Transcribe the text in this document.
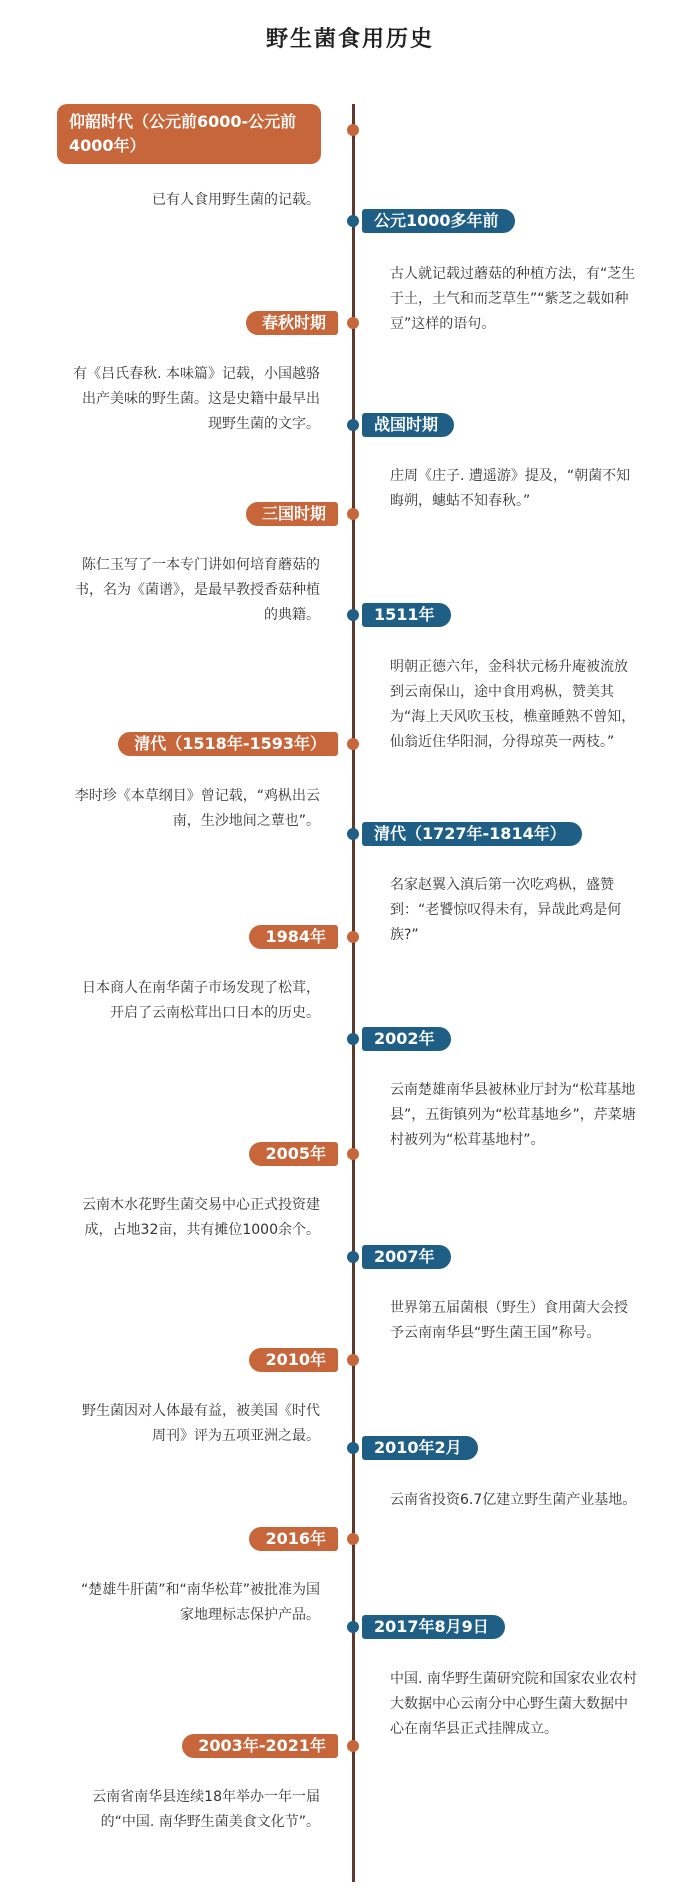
野生菌食用历史
仰韶时代（公元前6000-公元前4000年）

已有人食用野生菌的记载。

公元1000多年前

古人就记载过蘑菇的种植方法，有“芝生于土，土气和而芝草生”“紫芝之载如种豆”这样的语句。

春秋时期

有《吕氏春秋. 本味篇》记载，小国越骆出产美味的野生菌。这是史籍中最早出现野生菌的文字。	战国时期

庄周《庄子. 遭遥游》提及，“朝菌不知晦朔，蟪蛄不知春秋。”

三国时期

陈仁玉写了一本专门讲如何培育蘑菇的书，名为《菌谱》，是最早教授香菇种植的典籍。	1511年

明朝正德六年，金科状元杨升庵被流放到云南保山，途中食用鸡枞，赞美其为“海上天风吹玉枝，樵童睡熟不曾知，仙翁近住华阳洞，分得琼英一两枝。”

清代（1518年-1593年）

李时珍《本草纲目》曾记载，“鸡枞出云南，生沙地间之蕈也”。

清代（1727年-1814年）

名家赵翼入滇后第一次吃鸡枞，盛赞到：“老饕惊叹得未有，异哉此鸡是何族?”

1984年

日本商人在南华菌子市场发现了松茸，开启了云南松茸出口日本的历史。

2002年

云南楚雄南华县被林业厅封为“松茸基地县”，五街镇列为“松茸基地乡”，芹菜塘村被列为“松茸基地村”。

2005年

云南木水花野生菌交易中心正式投资建成，占地32亩，共有摊位1000余个。

2007年

世界第五届菌根（野生）食用菌大会授予云南南华县“野生菌王国”称号。

2010年

野生菌因对人体最有益，被美国《时代周刊》评为五项亚洲之最。

2010年2月

云南省投资6.7亿建立野生菌产业基地。

2016年

“楚雄牛肝菌”和“南华松茸”被批准为国家地理标志保护产品。

2017年8月9日

中国. 南华野生菌研究院和国家农业农村大数据中心云南分中心野生菌大数据中心在南华县正式挂牌成立。

2003年-2021年

云南省南华县连续18年举办一年一届的“中国. 南华野生菌美食文化节”。
